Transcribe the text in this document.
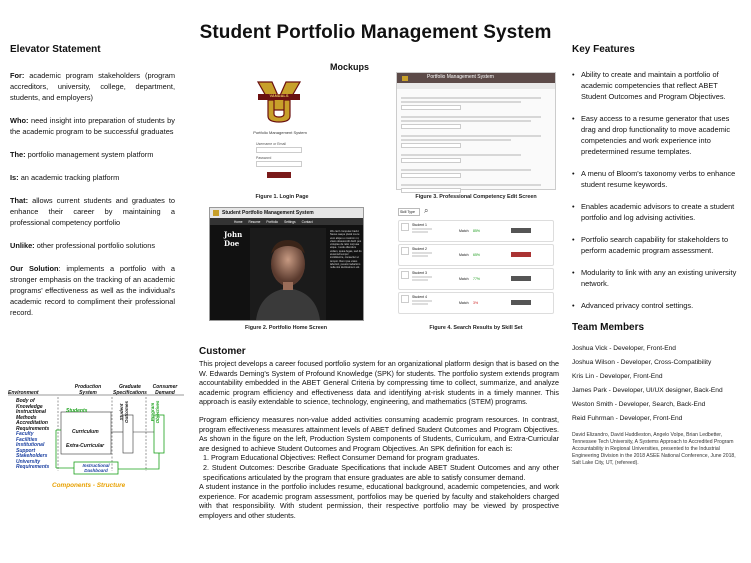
Student Portfolio Management System
Elevator Statement

For: academic program stakeholders (program accreditors, university, college, department, students, and employers)

Who: need insight into preparation of students by the academic program to be successful graduates

The: portfolio management system platform

Is: an academic tracking platform

That: allows current students and graduates to enhance their career by maintaining a professional competency portfolio

Unlike: other professional portfolio solutions

Our Solution: implements a portfolio with a stronger emphasis on the tracking of an academic programs' effectiveness as well as the individual's academic record to compliment their professional record.

Environment
Production System
Graduate Specifications
Consumer Demand
Body of Knowledge
Instructional Methods
Accreditation Requirements
Faculty
Facilities
Institutional Support
Stakeholders
University Requirements
Students
Curriculum
Extra-Curricular
Student Outcomes	Program Objectives
Instructional Dashboard
Components - Structure
Mockups
VANDALS
Portfolio Management System
Username or Email
Password
Figure 1. Login Page
Portfolio Management System
Figure 3. Professional Competency Edit Screen
Student Portfolio Management System
Home Resume Portfolio Settings Contact
John
Doe
We can't computer-hackl. Nexus saepe plural ma te vero aliquo e nostrom mi, viseis doasscordt dieth pos voluptas de ralor corpusa eique. I vedu ollendum veliam, quiea fugas, sed do eiusmod tempor incididuntre, consectur ut tempor. Rem ipse vates laboriori, pessim ladaritom nulla nisi doctissimum vel.
Figure 2. Portfolio Home Screen
Skill Type	⌕
Student 1
Match 85%
Student 2
Match 65%
Student 3
Match 77%
Student 4
Match 3%
Figure 4. Search Results by Skill Set
Customer

This project develops a career focused portfolio system for an organizational platform design that is based on the W. Edwards Deming's System of Profound Knowledge (SPK) for students. The portfolio system extends program accountability embedded in the ABET General Criteria by compressing time to collect, summarize, and analyze academic program efficiency and effectiveness data and identifying at-risk students in a timely manner. This approach is easily extendable to science, technology, engineering, and mathematics (STEM) programs.

Program efficiency measures non-value added activities consuming academic program resources. In contrast, program effectiveness measures attainment levels of ABET defined Student Outcomes and Program Objectives. As shown in the figure on the left, Production System components of Students, Curriculum, and Extra-Curricular are designed to achieve Student Outcomes and Program Objectives. An SPK definition for each is:

1. Program Educational Objectives: Reflect Consumer Demand for program graduates.

2. Student Outcomes: Describe Graduate Specifications that include ABET Student Outcomes and any other specifications articulated by the program that ensure graduates are able to satisfy consumer demand.

A student instance in the portfolio includes resume, educational background, academic competencies, and work experience. For academic program assessment, portfolios may be queried by faculty and stakeholders charged with that responsibility. With student permission, their respective portfolio may be viewed by prospective employers and other students.

Key Features
• Ability to create and maintain a portfolio of academic competencies that reflect ABET Student Outcomes and Program Objectives.
• Easy access to a resume generator that uses drag and drop functionality to move academic competencies and work experience into predetermined resume templates.
• A menu of Bloom's taxonomy verbs to enhance student resume keywords.
• Enables academic advisors to create a student portfolio and log advising activities.
• Portfolio search capability for stakeholders to perform academic program assessment.
• Modularity to link with any an existing university network.
• Advanced privacy control settings.
Team Members
Joshua Vick - Developer, Front-End
Joshua Wilson - Developer, Cross-Compatibility
Kris Lin - Developer, Front-End
James Park - Developer, UI/UX designer, Back-End
Weston Smith - Developer, Search, Back-End
Reid Fuhrman - Developer, Front-End
David Elizandro, David Huddleston, Angelo Volpe, Brian Ledbetter, Tennessee Tech University, A Systems Approach to Accredited Program Accountability in Regional Universities, presented to the Industrial Engineering Division in the 2018 ASEE National Conference, June 2018, Salt Lake City, UT, (refereed).
